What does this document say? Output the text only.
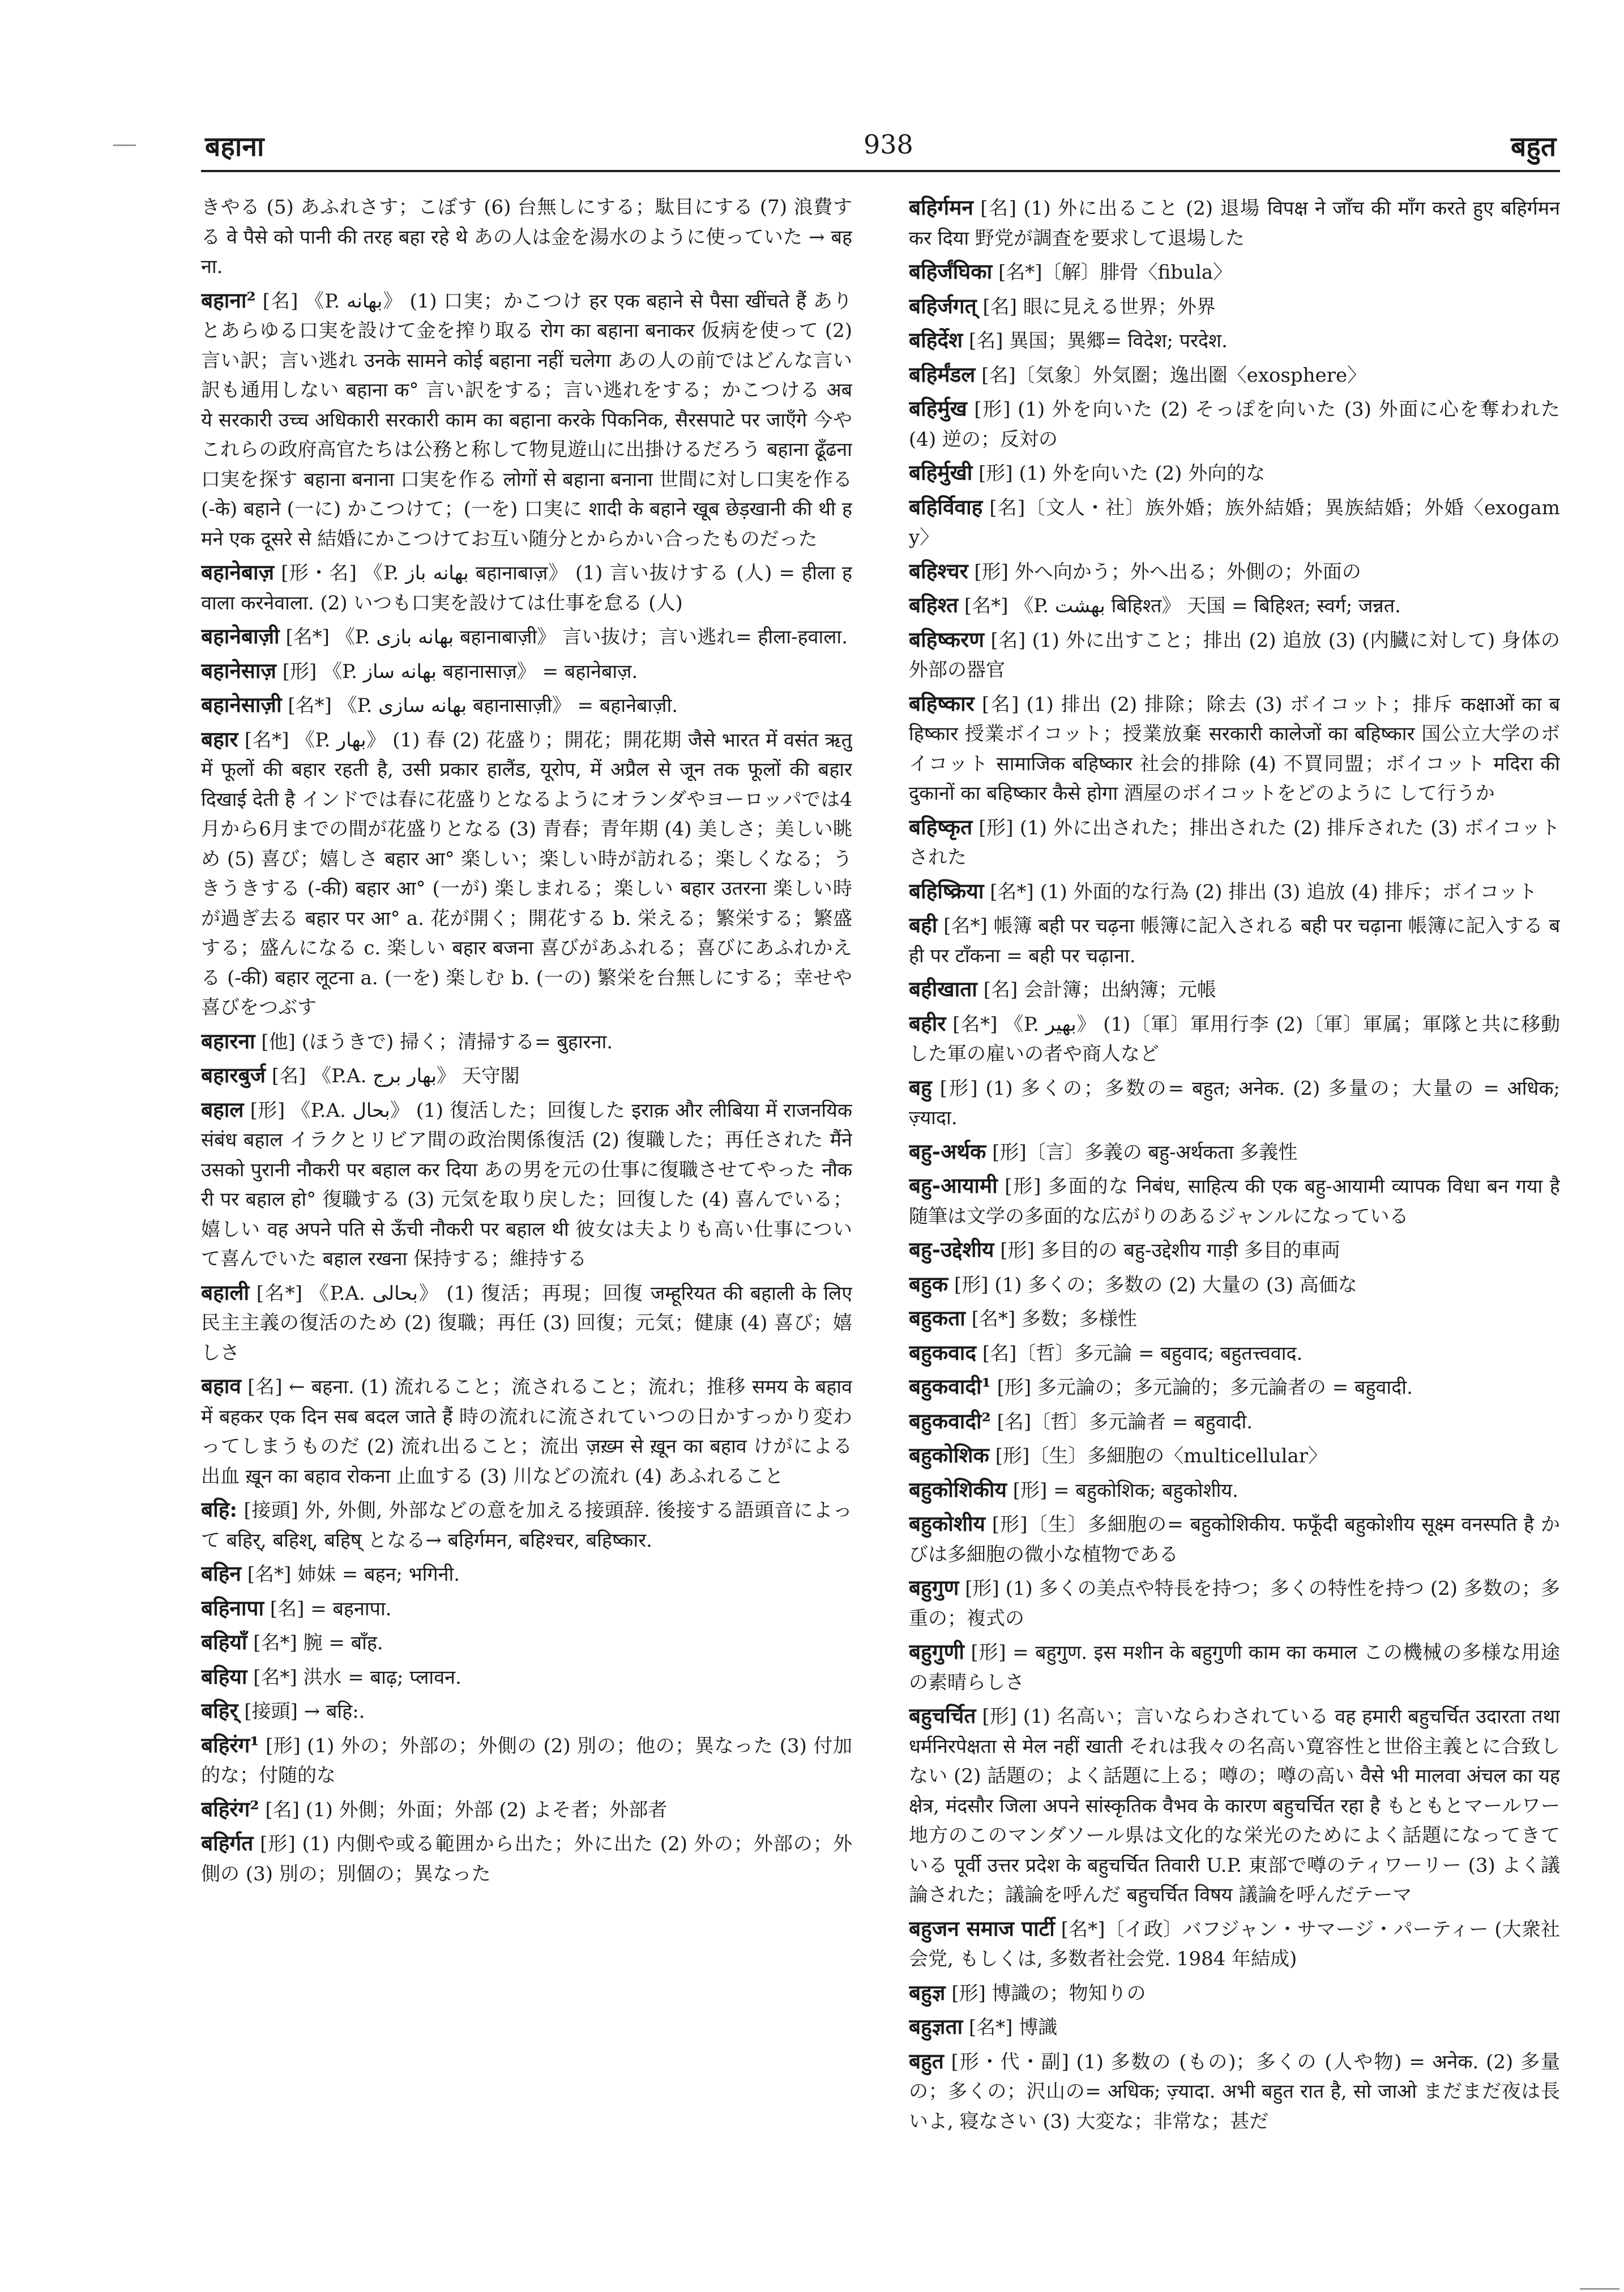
बहाना	938	बहुत

きやる (5) あふれさす；こぼす (6) 台無しにする；駄目にする (7) 浪費する वे पैसे को पानी की तरह बहा रहे थे あの人は金を湯水のように使っていた → बहना.

बहाना² [名] 《P. بهانه》 (1) 口実；かこつけ हर एक बहाने से पैसा खींचते हैं ありとあらゆる口実を設けて金を搾り取る रोग का बहाना बनाकर 仮病を使って (2) 言い訳；言い逃れ उनके सामने कोई बहाना नहीं चलेगा あの人の前ではどんな言い訳も通用しない बहाना क° 言い訳をする；言い逃れをする；かこつける अब ये सरकारी उच्च अधिकारी सरकारी काम का बहाना करके पिकनिक, सैरसपाटे पर जाएँगे 今やこれらの政府高官たちは公務と称して物見遊山に出掛けるだろう बहाना ढूँढना 口実を探す बहाना बनाना 口実を作る लोगों से बहाना बनाना 世間に対し口実を作る (-के) बहाने (一に) かこつけて；(一を) 口実に शादी के बहाने खूब छेड़खानी की थी हमने एक दूसरे से 結婚にかこつけてお互い随分とからかい合ったものだった

बहानेबाज़ [形・名] 《P. بهانه باز बहानाबाज़》 (1) 言い抜けする (人) = हीला हवाला करनेवाला. (2) いつも口実を設けては仕事を怠る (人)

बहानेबाज़ी [名*] 《P. بهانه بازی बहानाबाज़ी》 言い抜け；言い逃れ= हीला-हवाला.

बहानेसाज़ [形] 《P. بهانه ساز बहानासाज़》 = बहानेबाज़.

बहानेसाज़ी [名*] 《P. بهانه سازی बहानासाज़ी》 = बहानेबाज़ी.

बहार [名*] 《P. بهار》 (1) 春 (2) 花盛り；開花；開花期 जैसे भारत में वसंत ऋतु में फूलों की बहार रहती है, उसी प्रकार हालैंड, यूरोप, में अप्रैल से जून तक फूलों की बहार दिखाई देती है インドでは春に花盛りとなるようにオランダやヨーロッパでは4月から6月までの間が花盛りとなる (3) 青春；青年期 (4) 美しさ；美しい眺め (5) 喜び；嬉しさ बहार आ° 楽しい；楽しい時が訪れる；楽しくなる；うきうきする (-की) बहार आ° (一が) 楽しまれる；楽しい बहार उतरना 楽しい時が過ぎ去る बहार पर आ° a. 花が開く；開花する b. 栄える；繁栄する；繁盛する；盛んになる c. 楽しい बहार बजना 喜びがあふれる；喜びにあふれかえる (-की) बहार लूटना a. (一を) 楽しむ b. (一の) 繁栄を台無しにする；幸せや喜びをつぶす

बहारना [他] (ほうきで) 掃く；清掃する= बुहारना.

बहारबुर्ज [名] 《P.A. بهار برج》 天守閣

बहाल [形] 《P.A. بحال》 (1) 復活した；回復した इराक़ और लीबिया में राजनयिक संबंध बहाल イラクとリビア間の政治関係復活 (2) 復職した；再任された मैंने उसको पुरानी नौकरी पर बहाल कर दिया あの男を元の仕事に復職させてやった नौकरी पर बहाल हो° 復職する (3) 元気を取り戻した；回復した (4) 喜んでいる；嬉しい वह अपने पति से ऊँची नौकरी पर बहाल थी 彼女は夫よりも高い仕事について喜んでいた बहाल रखना 保持する；維持する

बहाली [名*] 《P.A. بحالی》 (1) 復活；再現；回復 जम्हूरियत की बहाली के लिए 民主主義の復活のため (2) 復職；再任 (3) 回復；元気；健康 (4) 喜び；嬉しさ

बहाव [名] ← बहना. (1) 流れること；流されること；流れ；推移 समय के बहाव में बहकर एक दिन सब बदल जाते हैं 時の流れに流されていつの日かすっかり変わってしまうものだ (2) 流れ出ること；流出 ज़ख़्म से ख़ून का बहाव けがによる出血 ख़ून का बहाव रोकना 止血する (3) 川などの流れ (4) あふれること

बहि: [接頭] 外, 外側, 外部などの意を加える接頭辞. 後接する語頭音によって बहिर्, बहिश्, बहिष् となる→ बहिर्गमन, बहिश्चर, बहिष्कार.

बहिन [名*] 姉妹 = बहन; भगिनी.

बहिनापा [名] = बहनापा.

बहियाँ [名*] 腕 = बाँह.

बहिया [名*] 洪水 = बाढ़; प्लावन.

बहिर् [接頭] → बहि:.

बहिरंग¹ [形] (1) 外の；外部の；外側の (2) 別の；他の；異なった (3) 付加的な；付随的な

बहिरंग² [名] (1) 外側；外面；外部 (2) よそ者；外部者

बहिर्गत [形] (1) 内側や或る範囲から出た；外に出た (2) 外の；外部の；外側の (3) 別の；別個の；異なった

बहिर्गमन [名] (1) 外に出ること (2) 退場 विपक्ष ने जाँच की माँग करते हुए बहिर्गमन कर दिया 野党が調査を要求して退場した

बहिर्जंघिका [名*]〔解〕腓骨〈fibula〉

बहिर्जगत् [名] 眼に見える世界；外界

बहिर्देश [名] 異国；異郷= विदेश; परदेश.

बहिर्मंडल [名]〔気象〕外気圏；逸出圏〈exosphere〉

बहिर्मुख [形] (1) 外を向いた (2) そっぽを向いた (3) 外面に心を奪われた (4) 逆の；反対の

बहिर्मुखी [形] (1) 外を向いた (2) 外向的な

बहिर्विवाह [名]〔文人・社〕族外婚；族外結婚；異族結婚；外婚〈exogamy〉

बहिश्चर [形] 外へ向かう；外へ出る；外側の；外面の

बहिश्त [名*] 《P. بهشت बिहिश्त》 天国 = बिहिश्त; स्वर्ग; जन्नत.

बहिष्करण [名] (1) 外に出すこと；排出 (2) 追放 (3) (内臓に対して) 身体の外部の器官

बहिष्कार [名] (1) 排出 (2) 排除；除去 (3) ボイコット；排斥 कक्षाओं का बहिष्कार 授業ボイコット；授業放棄 सरकारी कालेजों का बहिष्कार 国公立大学のボイコット सामाजिक बहिष्कार 社会的排除 (4) 不買同盟；ボイコット मदिरा की दुकानों का बहिष्कार कैसे होगा 酒屋のボイコットをどのように して行うか

बहिष्कृत [形] (1) 外に出された；排出された (2) 排斥された (3) ボイコットされた

बहिष्क्रिया [名*] (1) 外面的な行為 (2) 排出 (3) 追放 (4) 排斥；ボイコット

बही [名*] 帳簿 बही पर चढ़ना 帳簿に記入される बही पर चढ़ाना 帳簿に記入する बही पर टाँकना = बही पर चढ़ाना.

बहीखाता [名] 会計簿；出納簿；元帳

बहीर [名*] 《P. بهیر》 (1)〔軍〕軍用行李 (2)〔軍〕軍属；軍隊と共に移動した軍の雇いの者や商人など

बहु [形] (1) 多くの；多数の= बहुत; अनेक. (2) 多量の；大量の = अधिक; ज़्यादा.

बहु-अर्थक [形]〔言〕多義の बहु-अर्थकता 多義性

बहु-आयामी [形] 多面的な निबंध, साहित्य की एक बहु-आयामी व्यापक विधा बन गया है 随筆は文学の多面的な広がりのあるジャンルになっている

बहु-उद्देशीय [形] 多目的の बहु-उद्देशीय गाड़ी 多目的車両

बहुक [形] (1) 多くの；多数の (2) 大量の (3) 高価な

बहुकता [名*] 多数；多様性

बहुकवाद [名]〔哲〕多元論 = बहुवाद; बहुतत्त्ववाद.

बहुकवादी¹ [形] 多元論の；多元論的；多元論者の = बहुवादी.

बहुकवादी² [名]〔哲〕多元論者 = बहुवादी.

बहुकोशिक [形]〔生〕多細胞の〈multicellular〉

बहुकोशिकीय [形] = बहुकोशिक; बहुकोशीय.

बहुकोशीय [形]〔生〕多細胞の= बहुकोशिकीय. फफूँदी बहुकोशीय सूक्ष्म वनस्पति है かびは多細胞の微小な植物である

बहुगुण [形] (1) 多くの美点や特長を持つ；多くの特性を持つ (2) 多数の；多重の；複式の

बहुगुणी [形] = बहुगुण. इस मशीन के बहुगुणी काम का कमाल この機械の多様な用途の素晴らしさ

बहुचर्चित [形] (1) 名高い；言いならわされている वह हमारी बहुचर्चित उदारता तथा धर्मनिरपेक्षता से मेल नहीं खाती それは我々の名高い寛容性と世俗主義とに合致しない (2) 話題の；よく話題に上る；噂の；噂の高い वैसे भी मालवा अंचल का यह क्षेत्र, मंदसौर जिला अपने सांस्कृतिक वैभव के कारण बहुचर्चित रहा है もともとマールワー地方のこのマンダソール県は文化的な栄光のためによく話題になってきている पूर्वी उत्तर प्रदेश के बहुचर्चित तिवारी U.P. 東部で噂のティワーリー (3) よく議論された；議論を呼んだ बहुचर्चित विषय 議論を呼んだテーマ

बहुजन समाज पार्टी [名*]〔イ政〕バフジャン・サマージ・パーティー (大衆社会党, もしくは, 多数者社会党. 1984 年結成)

बहुज्ञ [形] 博識の；物知りの

बहुज्ञता [名*] 博識

बहुत [形・代・副] (1) 多数の (もの)；多くの (人や物) = अनेक. (2) 多量の；多くの；沢山の= अधिक; ज़्यादा. अभी बहुत रात है, सो जाओ まだまだ夜は長いよ, 寝なさい (3) 大変な；非常な；甚だ
